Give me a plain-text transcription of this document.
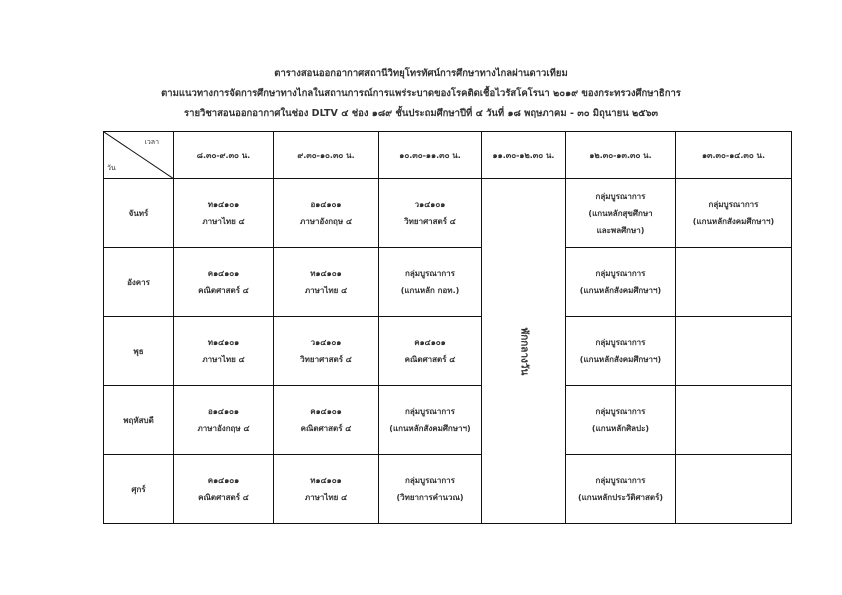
ตารางสอนออกอากาศสถานีวิทยุโทรทัศน์การศึกษาทางไกลผ่านดาวเทียม
ตามแนวทางการจัดการศึกษาทางไกลในสถานการณ์การแพร่ระบาดของโรคติดเชื้อไวรัสโคโรนา ๒๐๑๙ ของกระทรวงศึกษาธิการ
รายวิชาสอนออกอากาศในช่อง DLTV ๔ ช่อง ๑๘๙ ชั้นประถมศึกษาปีที่ ๔ วันที่ ๑๘ พฤษภาคม - ๓๐ มิถุนายน ๒๕๖๓
เวลา
วัน	๘.๓๐-๙.๓๐ น.	๙.๓๐-๑๐.๓๐ น.	๑๐.๓๐-๑๑.๓๐ น.	๑๑.๓๐-๑๒.๓๐ น.	๑๒.๓๐-๑๓.๓๐ น.	๑๓.๓๐-๑๔.๓๐ น.
จันทร์	ท๑๔๑๐๑
ภาษาไทย ๔	อ๑๔๑๐๑
ภาษาอังกฤษ ๔	ว๑๔๑๐๑
วิทยาศาสตร์ ๔	พักกลางวัน	กลุ่มบูรณาการ
(แกนหลักสุขศึกษา
และพลศึกษา)	กลุ่มบูรณาการ
(แกนหลักสังคมศึกษาฯ)

อังคาร	ค๑๔๑๐๑
คณิตศาสตร์ ๔	ท๑๔๑๐๑
ภาษาไทย ๔	กลุ่มบูรณาการ
(แกนหลัก กอท.)		กลุ่มบูรณาการ
(แกนหลักสังคมศึกษาฯ)	

พุธ	ท๑๔๑๐๑
ภาษาไทย ๔	ว๑๔๑๐๑
วิทยาศาสตร์ ๔	ค๑๔๑๐๑
คณิตศาสตร์ ๔		กลุ่มบูรณาการ
(แกนหลักสังคมศึกษาฯ)	

พฤหัสบดี	อ๑๔๑๐๑
ภาษาอังกฤษ ๔	ค๑๔๑๐๑
คณิตศาสตร์ ๔	กลุ่มบูรณาการ
(แกนหลักสังคมศึกษาฯ)		กลุ่มบูรณาการ
(แกนหลักศิลปะ)	

ศุกร์	ค๑๔๑๐๑
คณิตศาสตร์ ๔	ท๑๔๑๐๑
ภาษาไทย ๔	กลุ่มบูรณาการ
(วิทยาการคำนวณ)		กลุ่มบูรณาการ
(แกนหลักประวัติศาสตร์)	
